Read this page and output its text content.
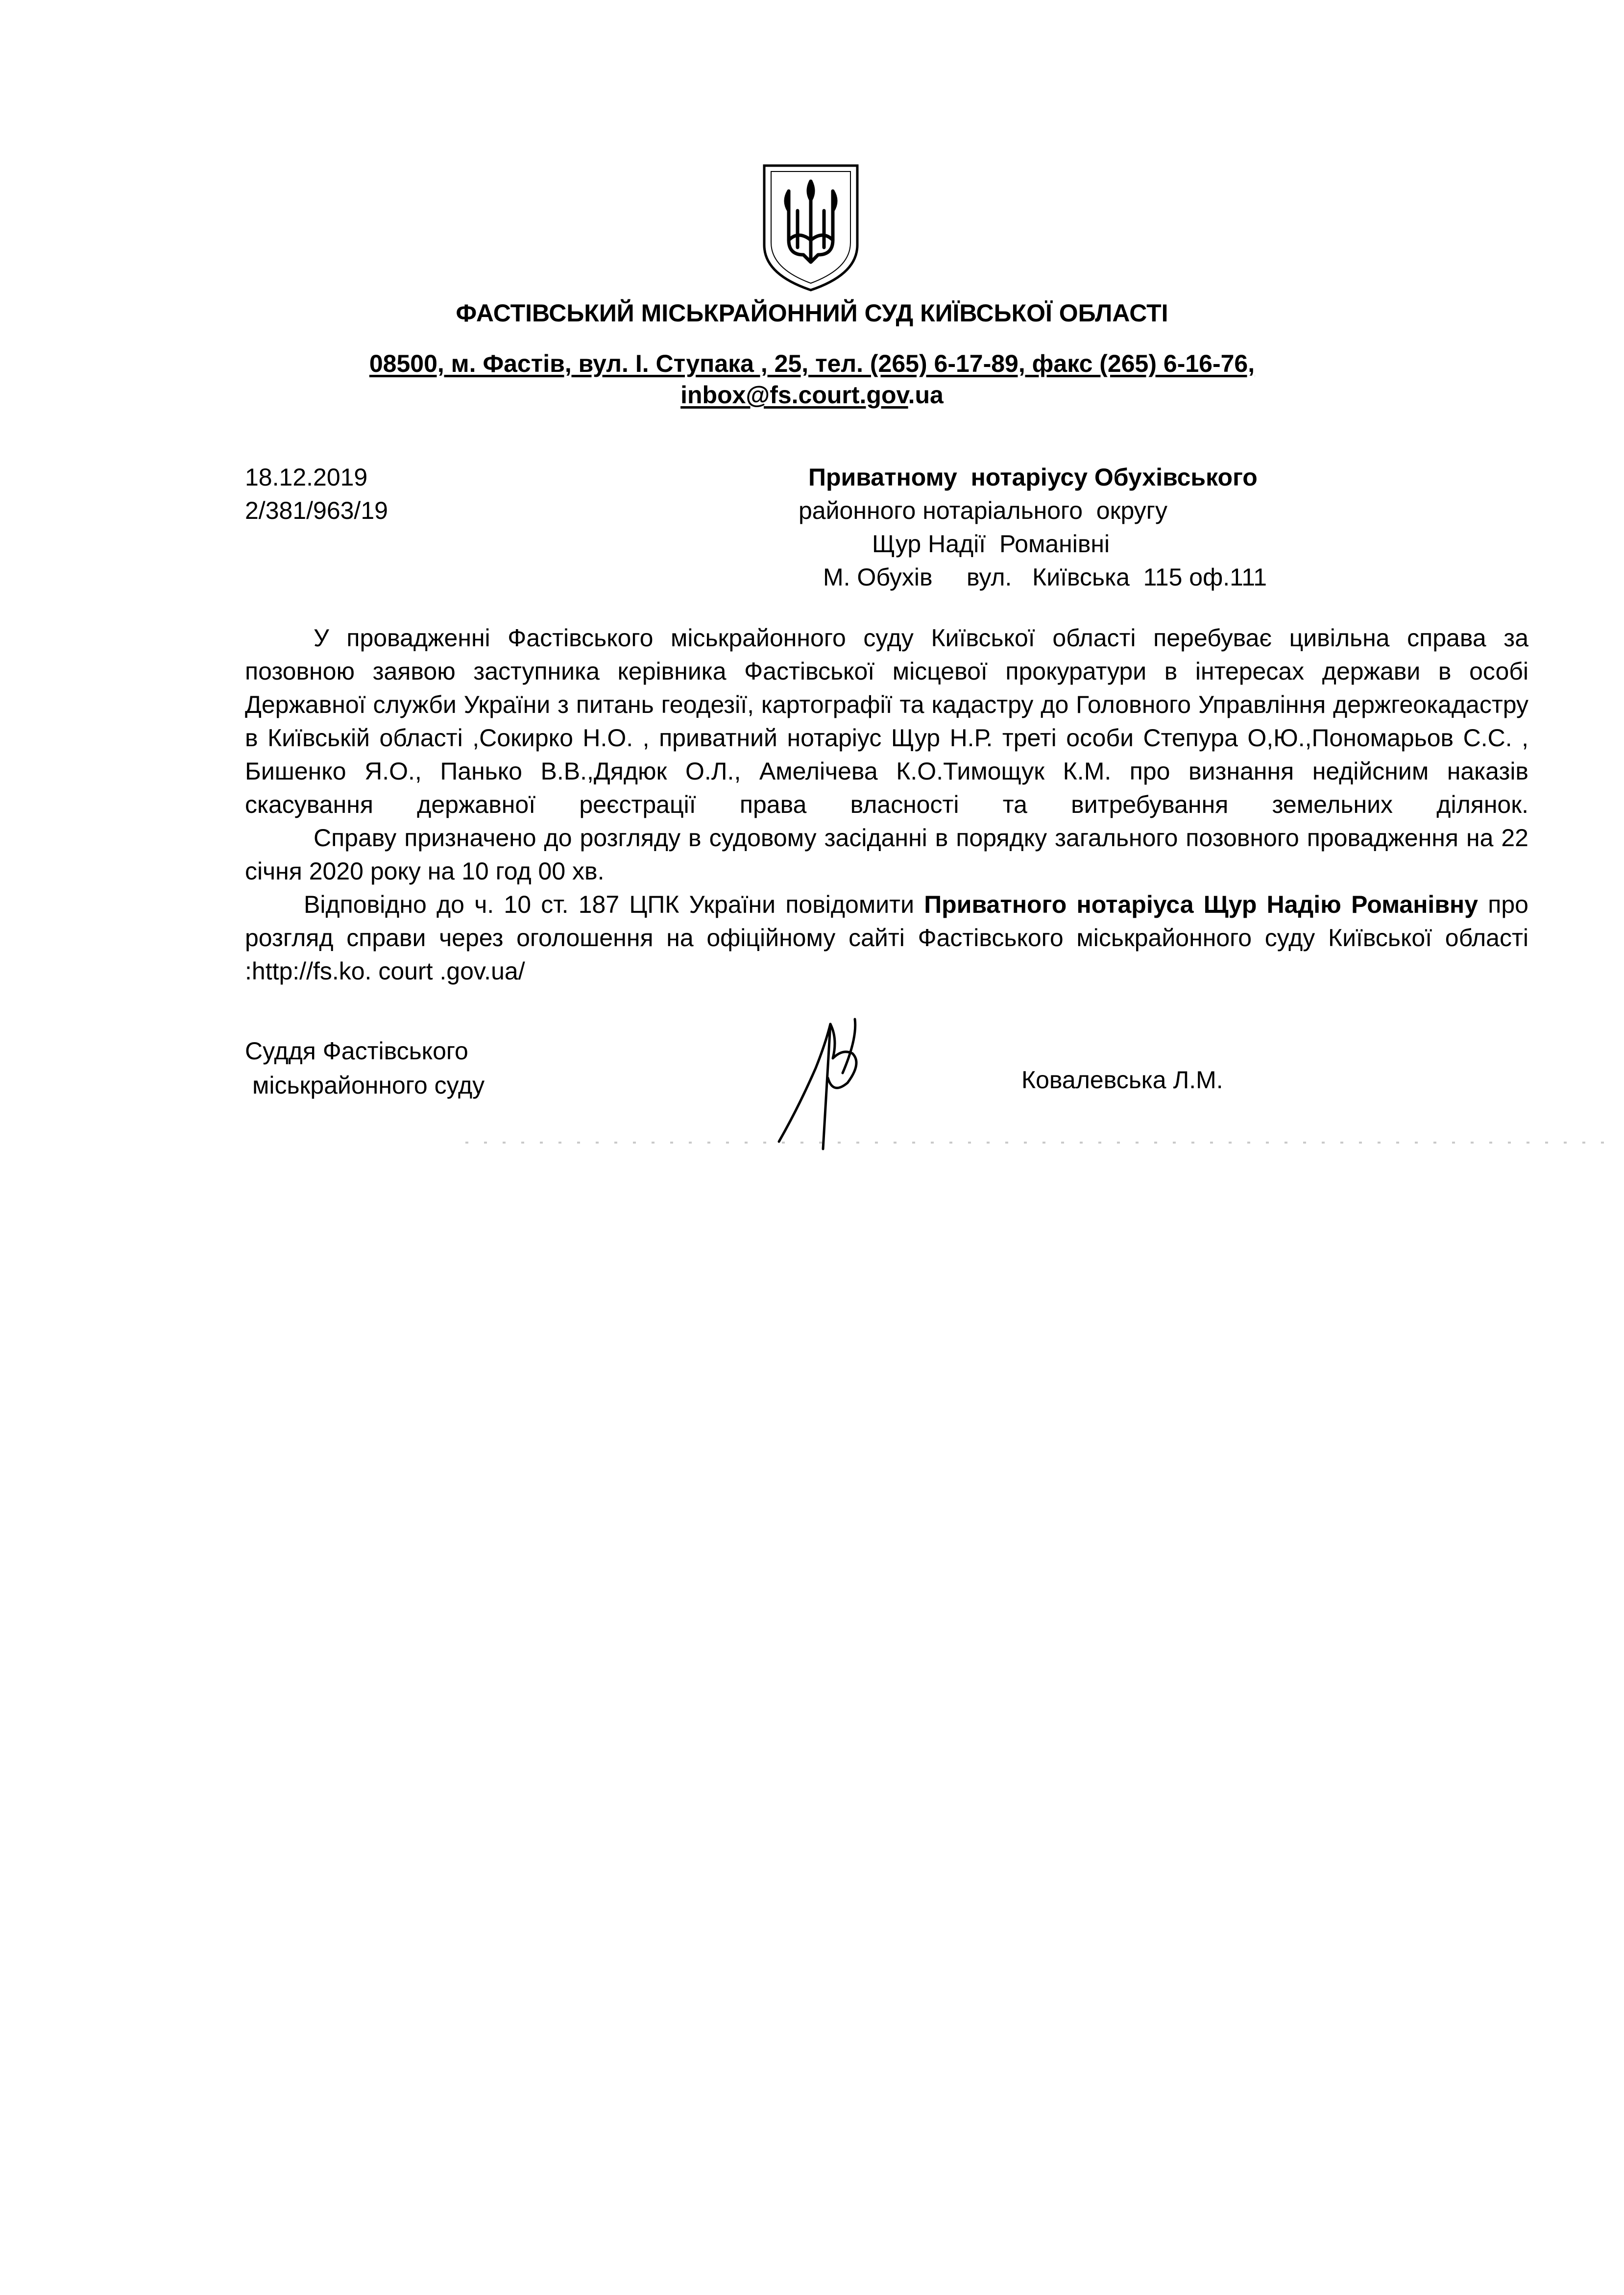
ФАСТІВСЬКИЙ МІСЬКРАЙОННИЙ СУД КИЇВСЬКОЇ ОБЛАСТІ
08500, м. Фастів, вул. І. Ступака , 25, тел. (265) 6-17-89, факс (265) 6-16-76,
inbox@fs.court.gov.ua
18.12.2019
2/381/963/19
Приватному  нотаріусу Обухівського
районного нотаріального  округу
Щур Надії  Романівні
М. Обухів     вул.   Київська  115 оф.111

У провадженні Фастівського міськрайонного суду Київської області перебуває цивільна справа за позовною заявою заступника керівника Фастівської місцевої прокуратури в інтересах держави в особі Державної служби України з питань геодезії, картографії та кадастру до Головного Управління держгеокадастру в Київській області ,Сокирко Н.О. , приватний нотаріус Щур Н.Р. треті особи Степура О,Ю.,Пономарьов С.С. , Бишенко Я.О., Панько В.В.,Дядюк О.Л., Амелічева К.О.Тимощук К.М. про визнання недійсним наказів скасування державної реєстрації права власності та витребування земельних ділянок.

Справу призначено до розгляду в судовому засіданні в порядку загального позовного провадження на 22 січня 2020 року на 10 год 00 хв.

Відповідно до ч. 10 ст. 187 ЦПК України повідомити Приватного нотаріуса Щур Надію Романівну про розгляд справи через оголошення на офіційному сайті Фастівського міськрайонного суду Київської області :http://fs.ko. court .gov.ua/

Суддя Фастівського
міськрайонного суду	Ковалевська Л.М.
